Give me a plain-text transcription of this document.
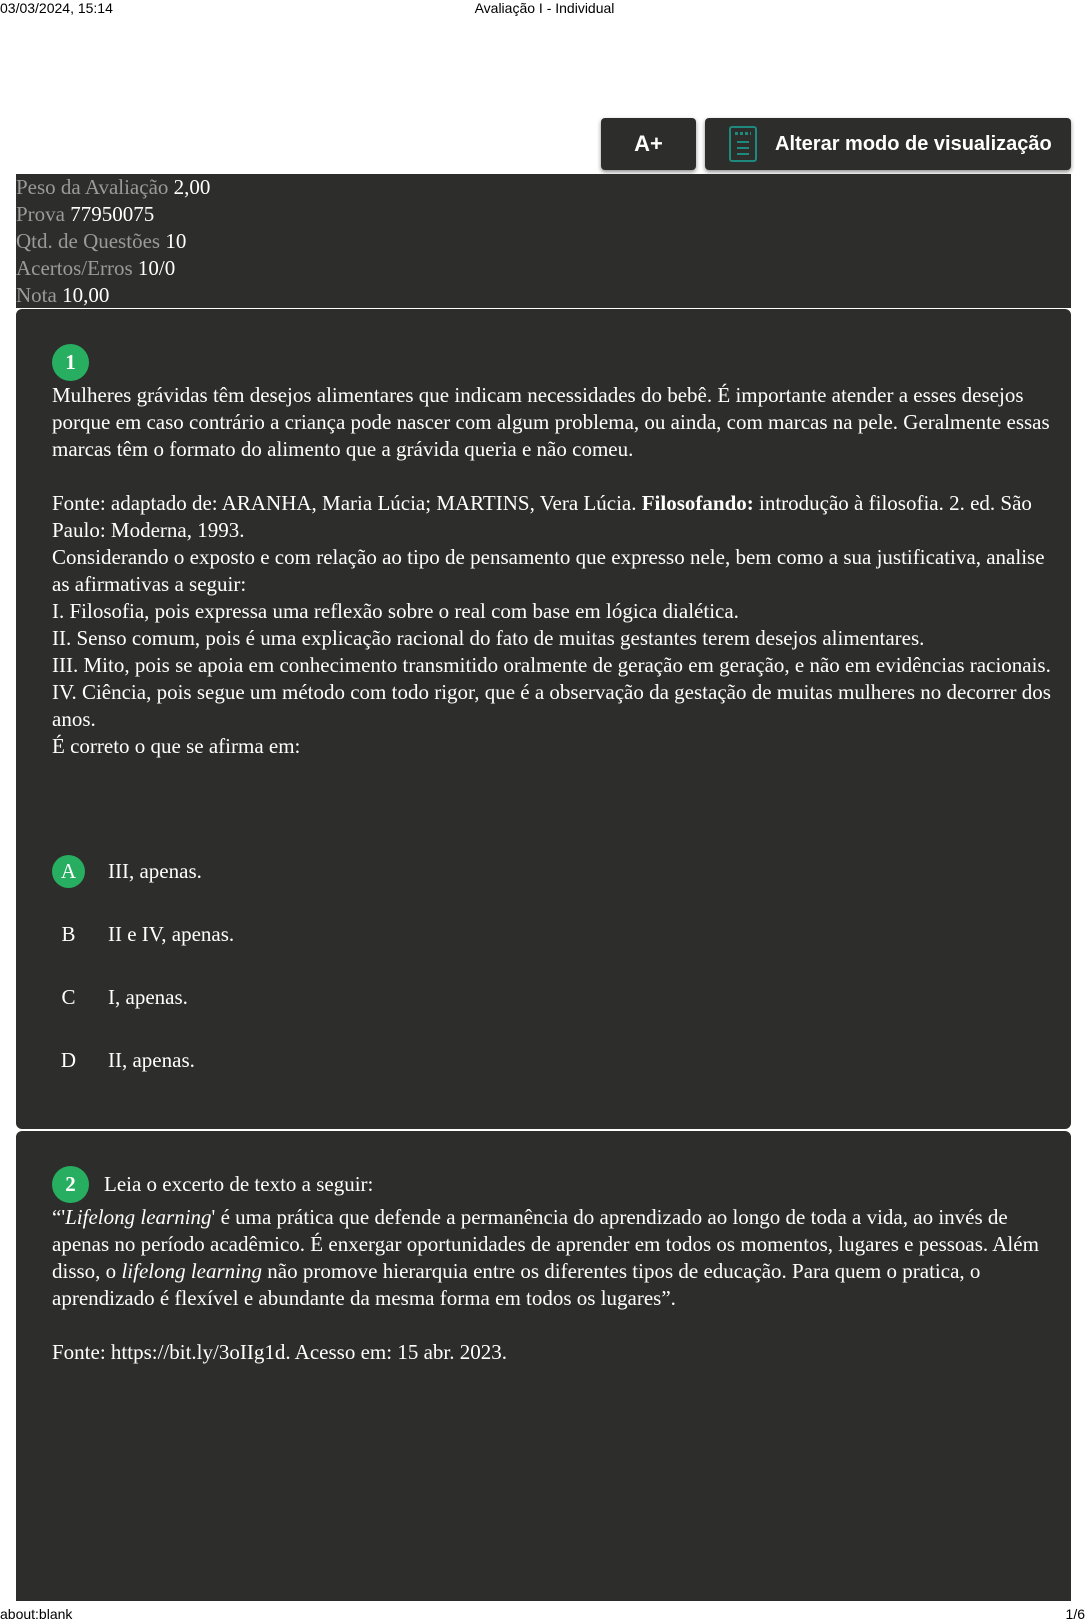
03/03/2024, 15:14	Avaliação I - Individual
A+	Alterar modo de visualização
Peso da Avaliação 2,00
Prova 77950075
Qtd. de Questões 10
Acertos/Erros 10/0
Nota 10,00
1

Mulheres grávidas têm desejos alimentares que indicam necessidades do bebê. É importante atender a esses desejos porque em caso contrário a criança pode nascer com algum problema, ou ainda, com marcas na pele. Geralmente essas marcas têm o formato do alimento que a grávida queria e não comeu.

Fonte: adaptado de: ARANHA, Maria Lúcia; MARTINS, Vera Lúcia. Filosofando: introdução à filosofia. 2. ed. São Paulo: Moderna, 1993.

Considerando o exposto e com relação ao tipo de pensamento que expresso nele, bem como a sua justificativa, analise as afirmativas a seguir:

I. Filosofia, pois expressa uma reflexão sobre o real com base em lógica dialética.

II. Senso comum, pois é uma explicação racional do fato de muitas gestantes terem desejos alimentares.

III. Mito, pois se apoia em conhecimento transmitido oralmente de geração em geração, e não em evidências racionais.

IV. Ciência, pois segue um método com todo rigor, que é a observação da gestação de muitas mulheres no decorrer dos anos.

É correto o que se afirma em:

A	III, apenas.
B	II e IV, apenas.
C	I, apenas.
D	II, apenas.
2	Leia o excerto de texto a seguir:

“'Lifelong learning' é uma prática que defende a permanência do aprendizado ao longo de toda a vida, ao invés de apenas no período acadêmico. É enxergar oportunidades de aprender em todos os momentos, lugares e pessoas. Além disso, o lifelong learning não promove hierarquia entre os diferentes tipos de educação. Para quem o pratica, o aprendizado é flexível e abundante da mesma forma em todos os lugares”.

Fonte: https://bit.ly/3oIIg1d. Acesso em: 15 abr. 2023.

about:blank	1/6
